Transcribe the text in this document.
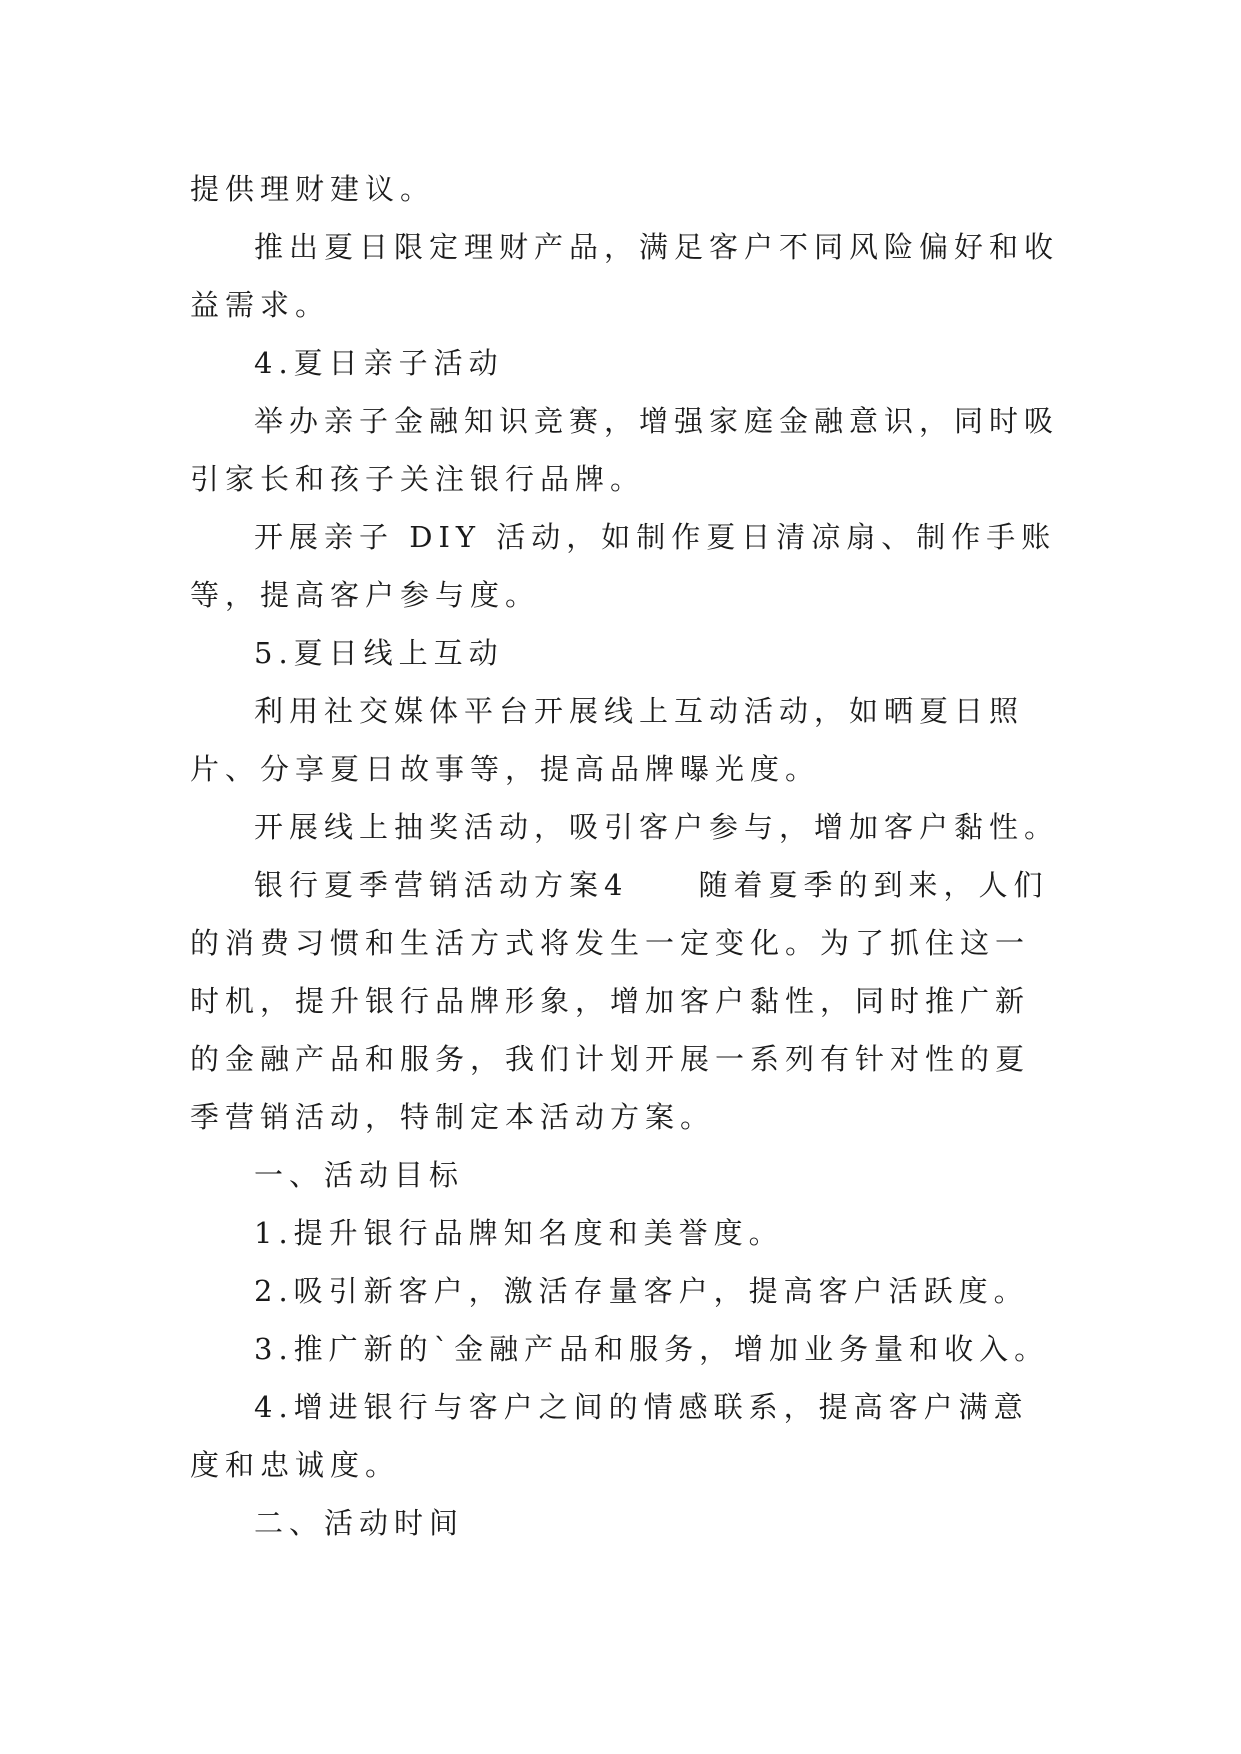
提供理财建议。

推出夏日限定理财产品，满足客户不同风险偏好和收益需求。

4.夏日亲子活动

举办亲子金融知识竞赛，增强家庭金融意识，同时吸引家长和孩子关注银行品牌。

开展亲子 DIY 活动，如制作夏日清凉扇、制作手账等，提高客户参与度。

5.夏日线上互动

利用社交媒体平台开展线上互动活动，如晒夏日照片、分享夏日故事等，提高品牌曝光度。

开展线上抽奖活动，吸引客户参与，增加客户黏性。

银行夏季营销活动方案4　　随着夏季的到来，人们的消费习惯和生活方式将发生一定变化。为了抓住这一时机，提升银行品牌形象，增加客户黏性，同时推广新的金融产品和服务，我们计划开展一系列有针对性的夏季营销活动，特制定本活动方案。

一、活动目标

1.提升银行品牌知名度和美誉度。

2.吸引新客户，激活存量客户，提高客户活跃度。

3.推广新的`金融产品和服务，增加业务量和收入。

4.增进银行与客户之间的情感联系，提高客户满意度和忠诚度。

二、活动时间
